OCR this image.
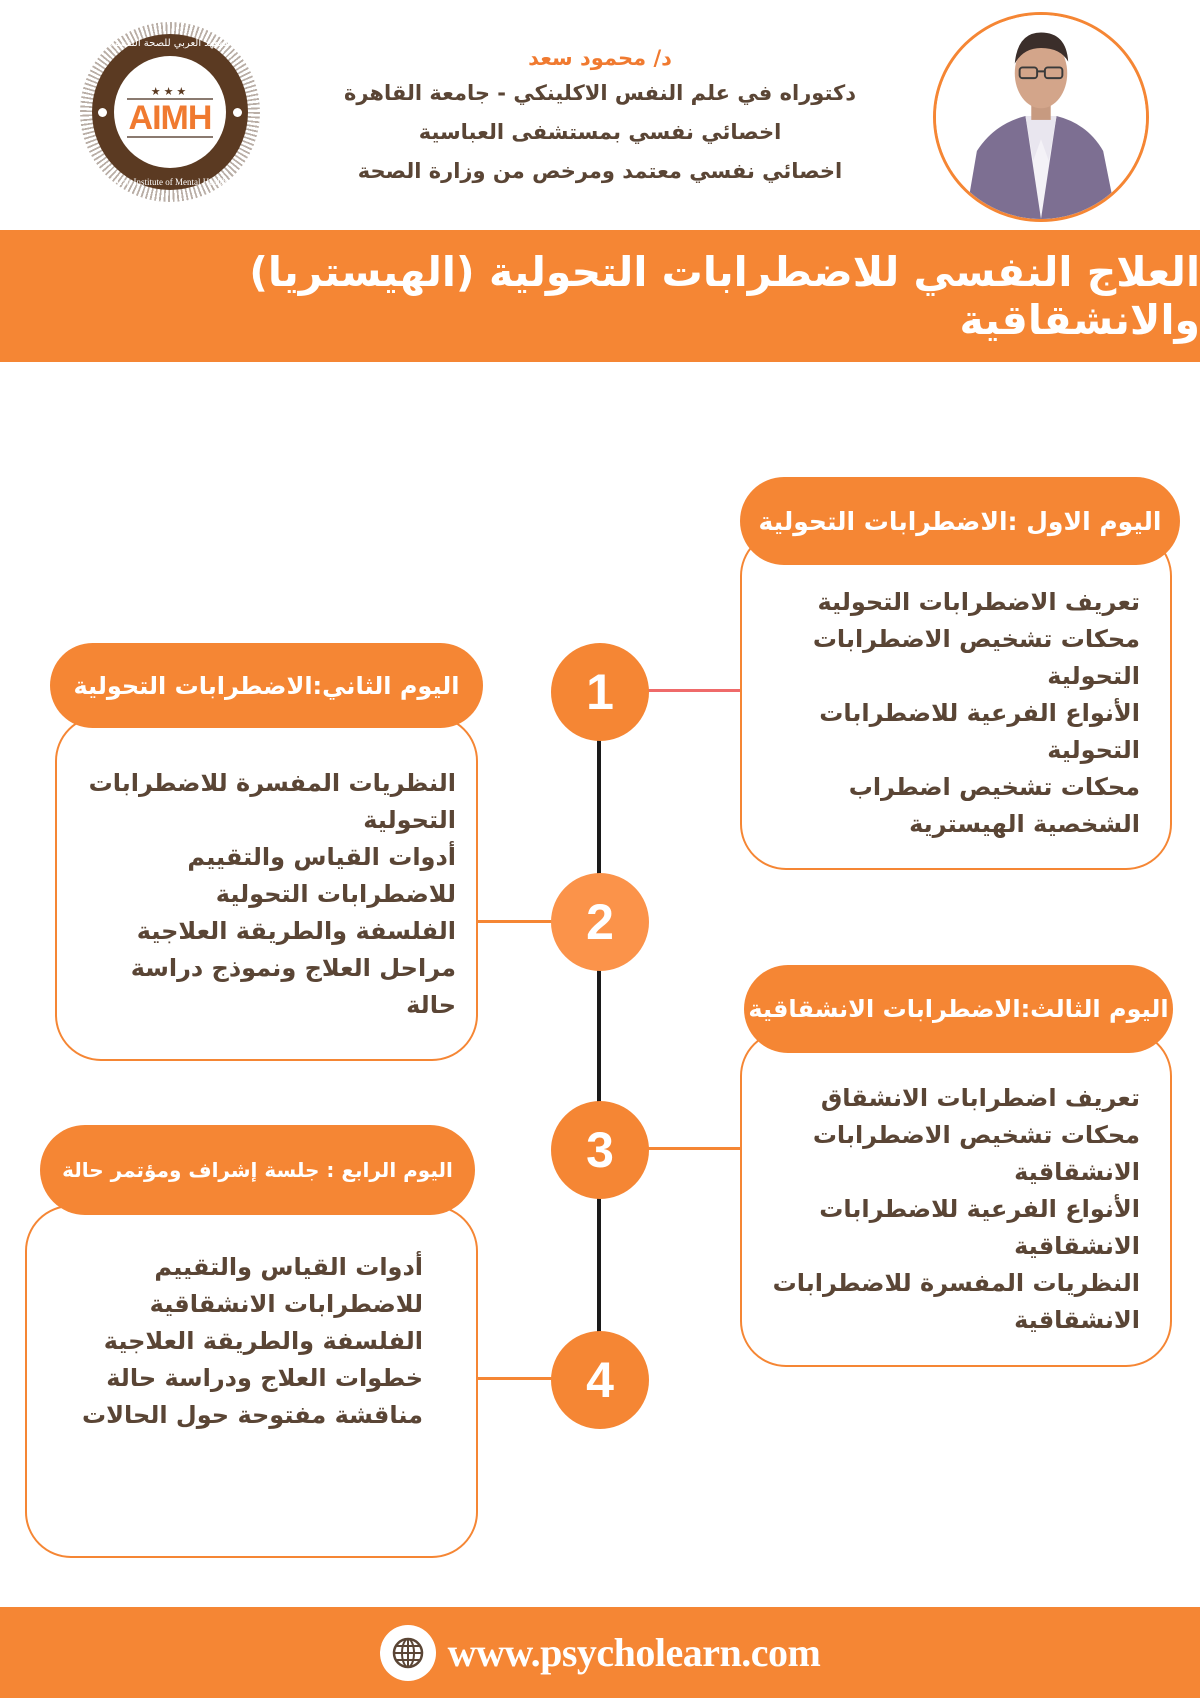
المعهد العربي للصحة النفسية
★★★
AIMH
Arab Institute of Mental Health
د/ محمود سعد
دكتوراه في علم النفس الاكلينكي - جامعة القاهرة
اخصائي نفسي بمستشفى العباسية
اخصائي نفسي معتمد ومرخص من وزارة الصحة
العلاج النفسي للاضطرابات التحولية (الهيستريا) والانشقاقية
1
2
3
4
تعريف الاضطرابات التحولية
محكات تشخيص الاضطرابات التحولية
الأنواع الفرعية للاضطرابات التحولية
محكات تشخيص اضطراب الشخصية الهيسترية
اليوم الاول :الاضطرابات التحولية
النظريات المفسرة للاضطرابات التحولية
أدوات القياس والتقييم للاضطرابات التحولية
الفلسفة والطريقة العلاجية
مراحل العلاج ونموذج دراسة حالة
اليوم الثاني:الاضطرابات التحولية
تعريف اضطرابات الانشقاق
محكات تشخيص الاضطرابات الانشقاقية
الأنواع الفرعية للاضطرابات الانشقاقية
النظريات المفسرة للاضطرابات الانشقاقية
اليوم الثالث:الاضطرابات الانشقاقية
أدوات القياس والتقييم للاضطرابات الانشقاقية
الفلسفة والطريقة العلاجية
خطوات العلاج ودراسة حالة
مناقشة مفتوحة حول الحالات
اليوم الرابع : جلسة إشراف ومؤتمر حالة
www.psycholearn.com
